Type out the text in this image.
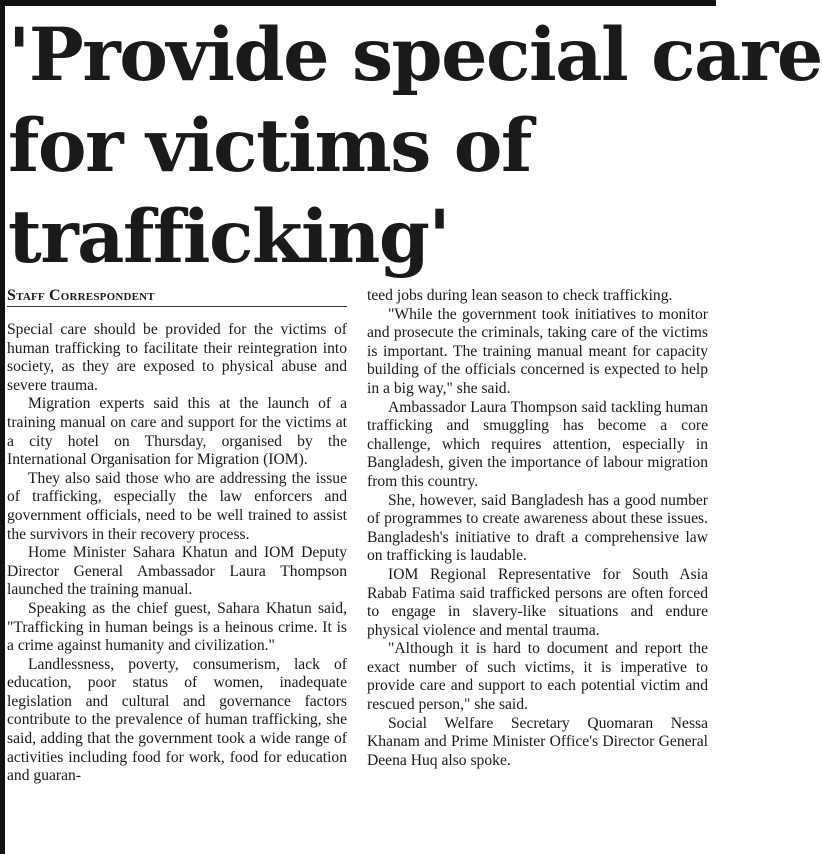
'Provide special care
for victims of
trafficking'
Staff Correspondent

Special care should be provided for the victims of human trafficking to facilitate their reintegration into society, as they are exposed to physical abuse and severe trauma.

Migration experts said this at the launch of a training manual on care and support for the victims at a city hotel on Thursday, organised by the International Organisation for Migration (IOM).

They also said those who are addressing the issue of trafficking, especially the law enforcers and government officials, need to be well trained to assist the survivors in their recovery process.

Home Minister Sahara Khatun and IOM Deputy Director General Ambassador Laura Thompson launched the training manual.

Speaking as the chief guest, Sahara Khatun said, "Trafficking in human beings is a heinous crime. It is a crime against humanity and civilization."

Landlessness, poverty, consumerism, lack of education, poor status of women, inadequate legislation and cultural and governance factors contribute to the prevalence of human trafficking, she said, adding that the government took a wide range of activities including food for work, food for education and guaran-

teed jobs during lean season to check trafficking.

"While the government took initiatives to monitor and prosecute the criminals, taking care of the victims is important. The training manual meant for capacity building of the officials concerned is expected to help in a big way," she said.

Ambassador Laura Thompson said tackling human trafficking and smuggling has become a core challenge, which requires attention, especially in Bangladesh, given the importance of labour migration from this country.

She, however, said Bangladesh has a good number of programmes to create awareness about these issues. Bangladesh's initiative to draft a comprehensive law on trafficking is laudable.

IOM Regional Representative for South Asia Rabab Fatima said trafficked persons are often forced to engage in slavery-like situations and endure physical violence and mental trauma.

"Although it is hard to document and report the exact number of such victims, it is imperative to provide care and support to each potential victim and rescued person," she said.

Social Welfare Secretary Quomaran Nessa Khanam and Prime Minister Office's Director General Deena Huq also spoke.
